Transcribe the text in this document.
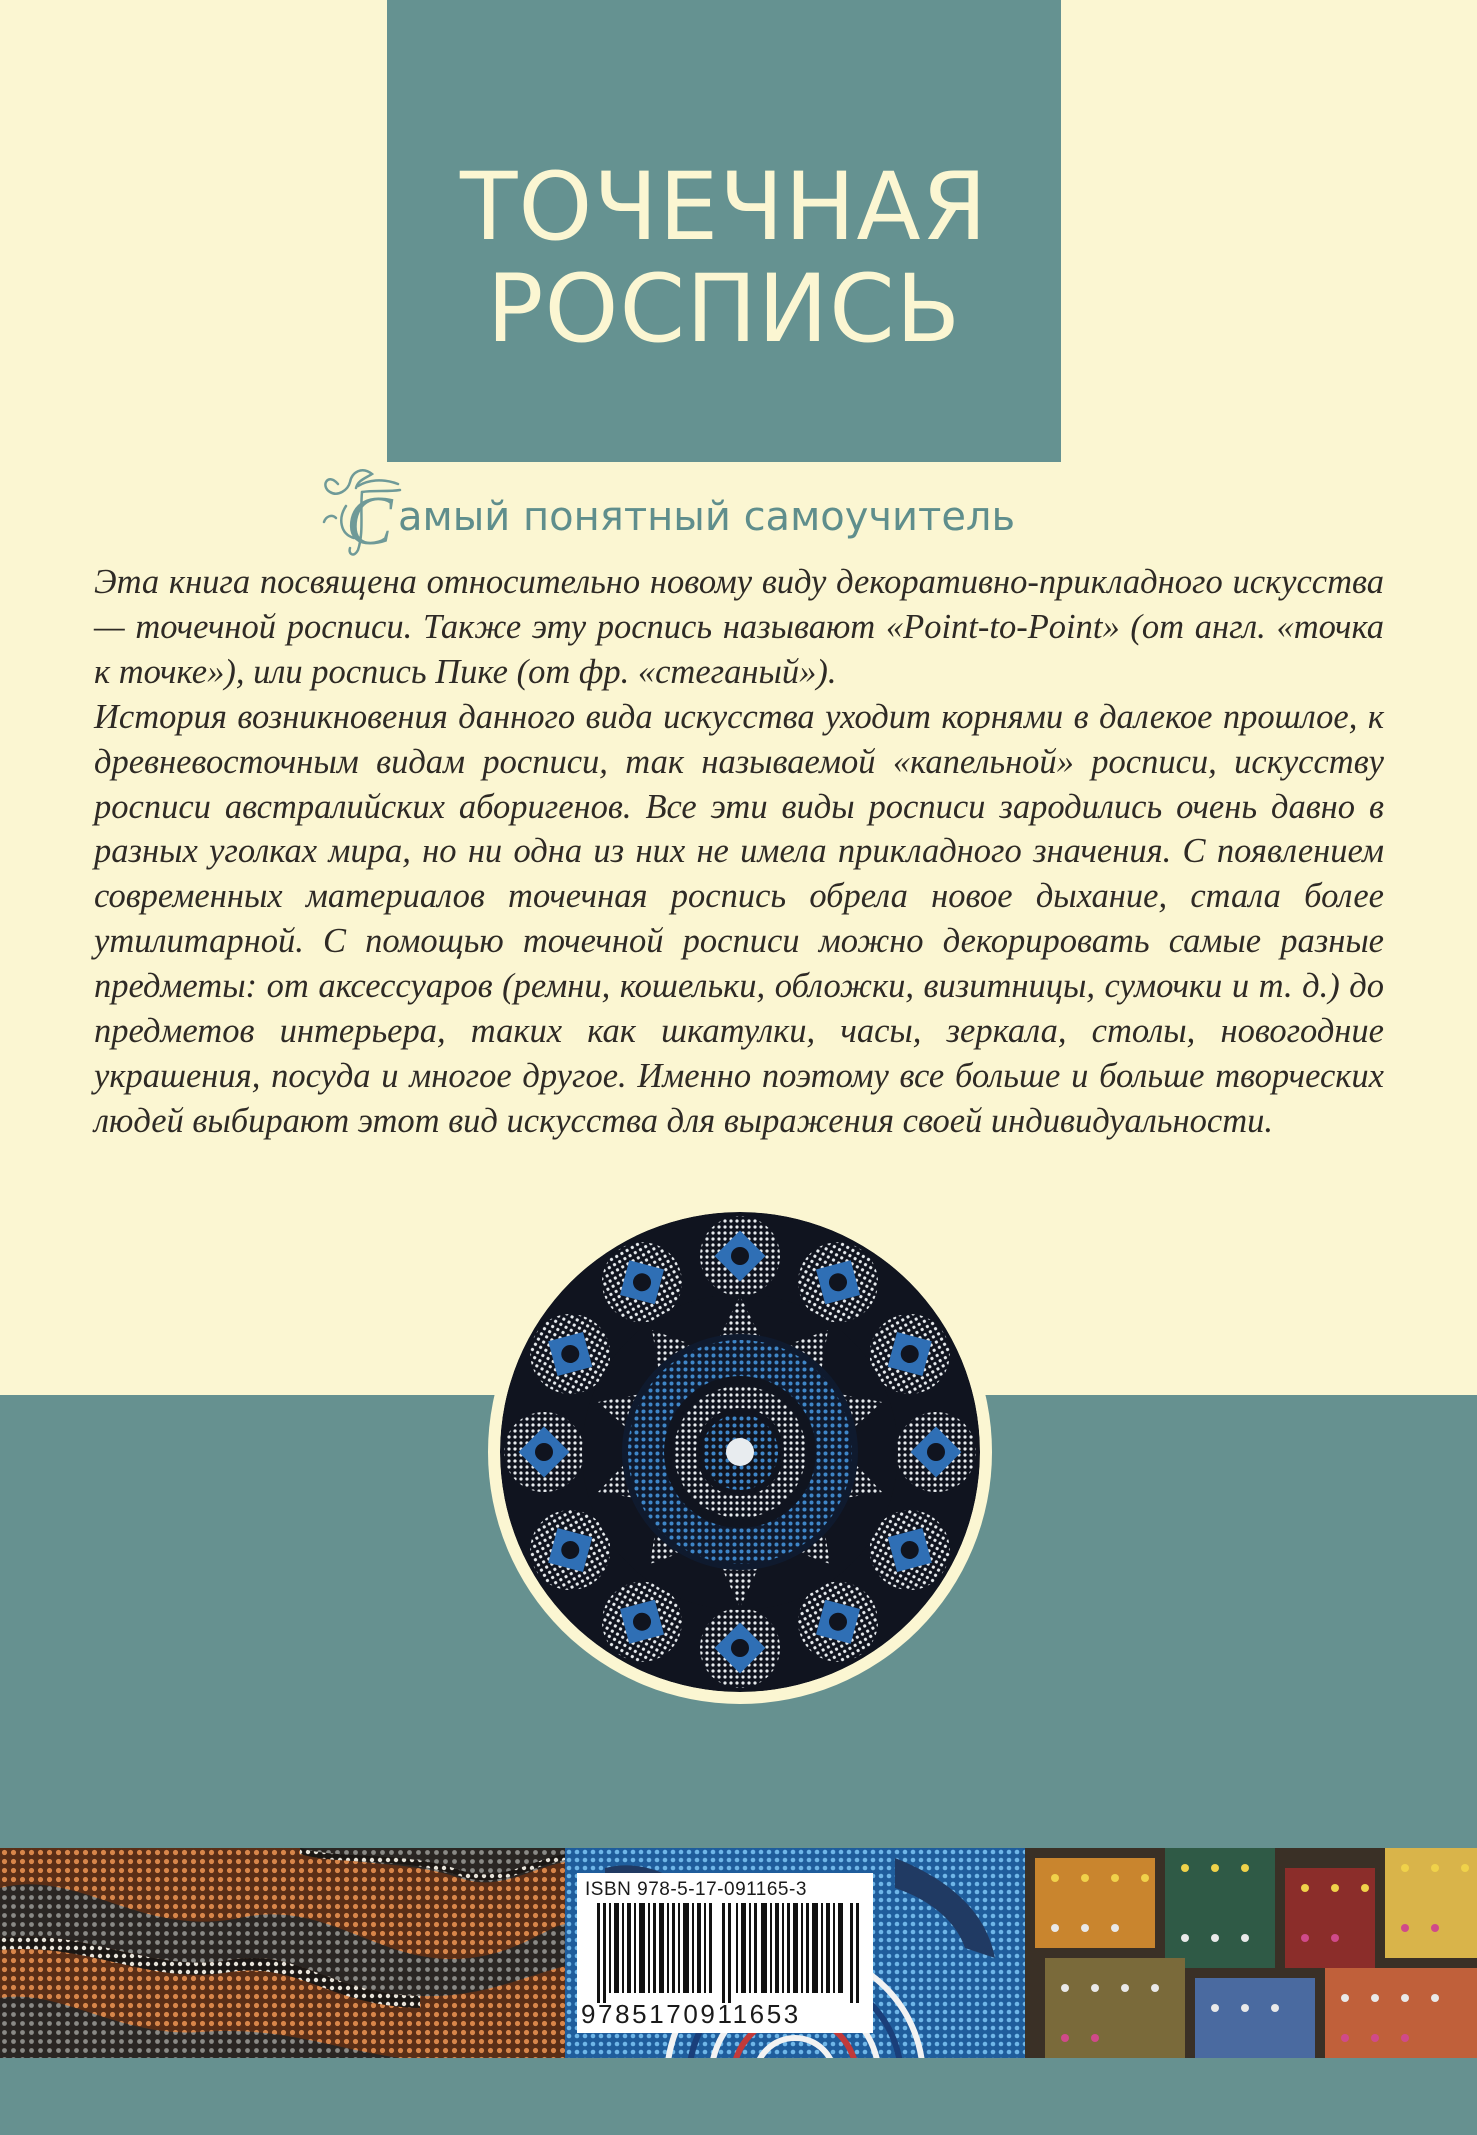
ТОЧЕЧНАЯ
РОСПИСЬ
С амый понятный самоучитель

Эта книга посвящена относительно новому виду декоративно-прикладного искусства — точечной росписи. Также эту роспись называют «Point-to-Point» (от англ. «точка к точке»), или роспись Пике (от фр. «стеганый»).

История возникновения данного вида искусства уходит корнями в далекое прошлое, к древневосточным видам росписи, так называемой «капельной» росписи, искусству росписи австралийских аборигенов. Все эти виды росписи зародились очень давно в разных уголках мира, но ни одна из них не имела прикладного значения. С появлением современных материалов точечная роспись обрела новое дыхание, стала более утилитарной. С помощью точечной росписи можно декорировать самые разные предметы: от аксессуаров (ремни, кошельки, обложки, визитницы, сумочки и т. д.) до предметов интерьера, таких как шкатулки, часы, зеркала, столы, новогодние украшения, посуда и многое другое. Именно поэтому все больше и больше творческих людей выбирают этот вид искусства для выражения своей индивидуальности.

ISBN 978-5-17-091165-3
9785170911653
